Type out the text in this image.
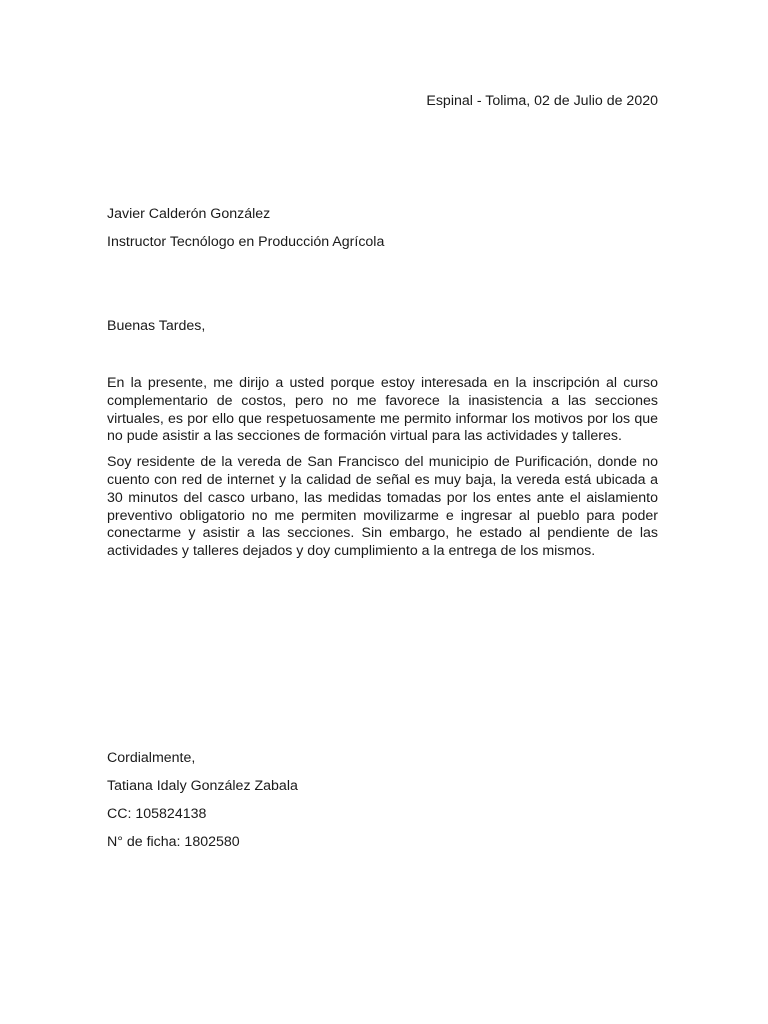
Espinal - Tolima, 02 de Julio de 2020
Javier Calderón González
Instructor Tecnólogo en Producción Agrícola
Buenas Tardes,

En la presente, me dirijo a usted porque estoy interesada en la inscripción al curso complementario de costos, pero no me favorece la inasistencia a las secciones virtuales, es por ello que respetuosamente me permito informar los motivos por los que no pude asistir a las secciones de formación virtual para las actividades y talleres.

Soy residente de la vereda de San Francisco del municipio de Purificación, donde no cuento con red de internet y la calidad de señal es muy baja, la vereda está ubicada a 30 minutos del casco urbano, las medidas tomadas por los entes ante el aislamiento preventivo obligatorio no me permiten movilizarme e ingresar al pueblo para poder conectarme y asistir a las secciones. Sin embargo, he estado al pendiente de las actividades y talleres dejados y doy cumplimiento a la entrega de los mismos.

Cordialmente,
Tatiana Idaly González Zabala
CC: 105824138
N° de ficha: 1802580
